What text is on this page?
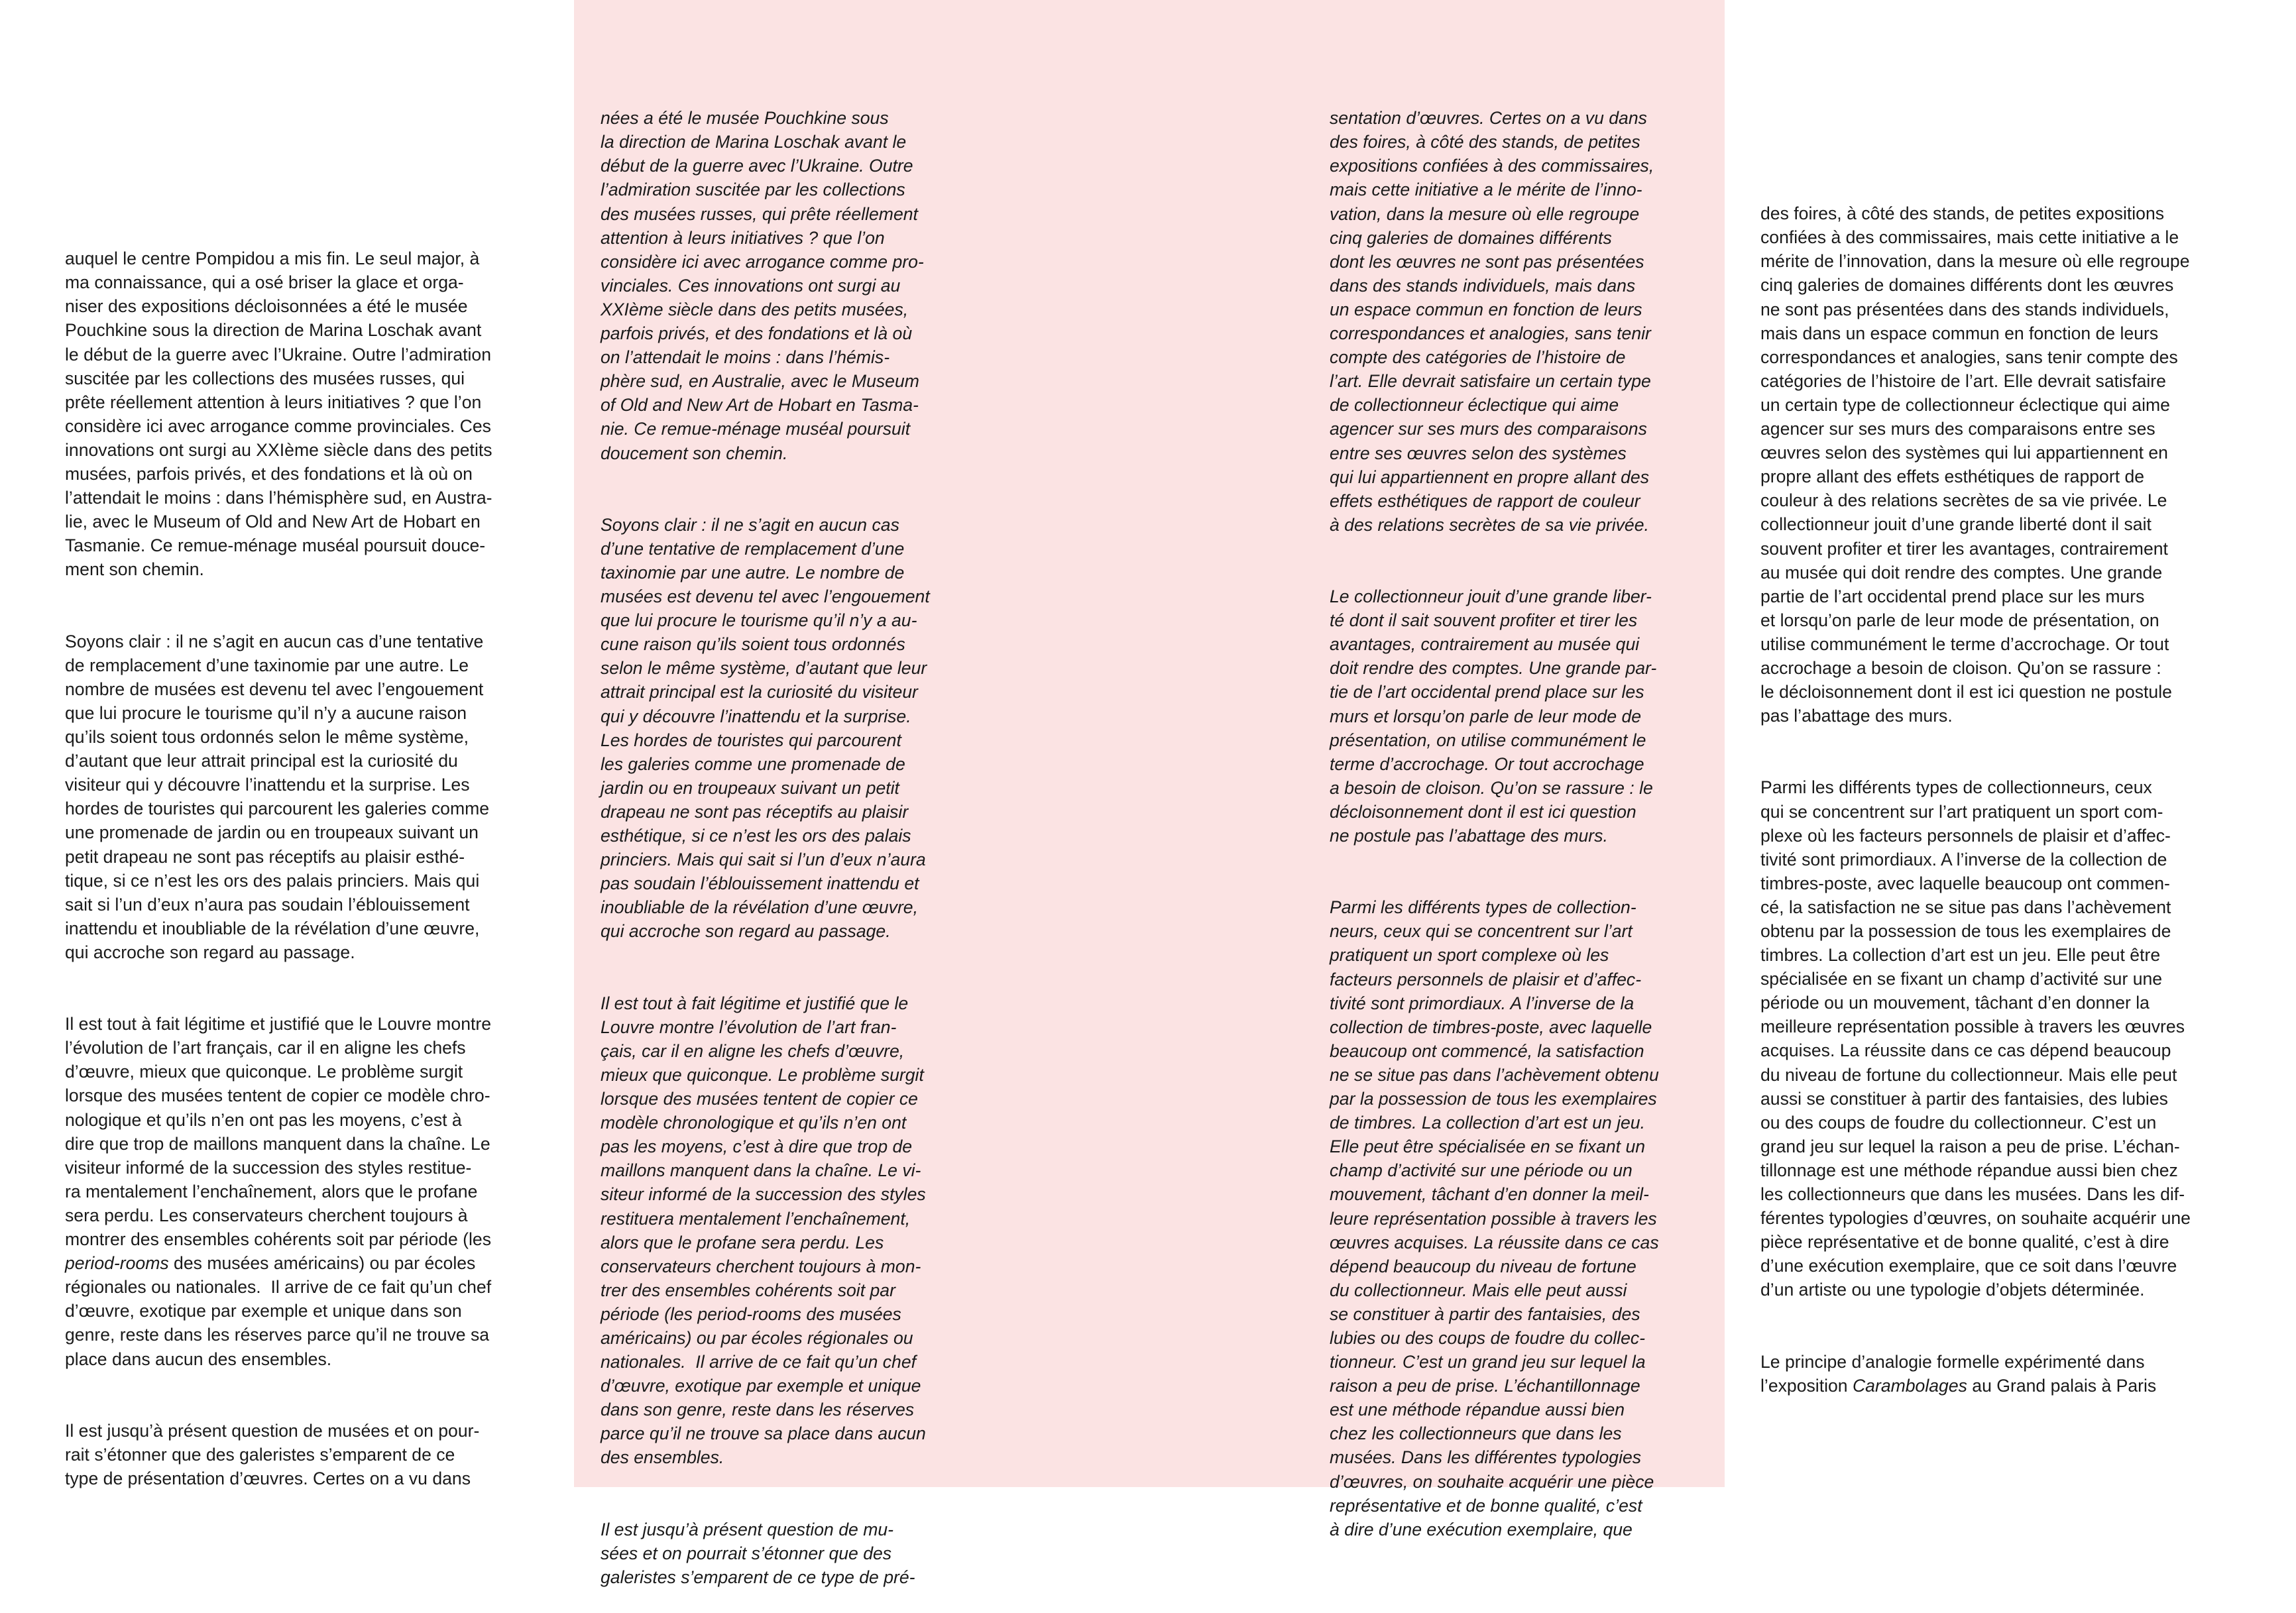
auquel le centre Pompidou a mis fin. Le seul major, à
ma connaissance, qui a osé briser la glace et orga-
niser des expositions décloisonnées a été le musée
Pouchkine sous la direction de Marina Loschak avant
le début de la guerre avec l’Ukraine. Outre l’admiration
suscitée par les collections des musées russes, qui
prête réellement attention à leurs initiatives ? que l’on
considère ici avec arrogance comme provinciales. Ces
innovations ont surgi au XXIème siècle dans des petits
musées, parfois privés, et des fondations et là où on
l’attendait le moins : dans l’hémisphère sud, en Austra-
lie, avec le Museum of Old and New Art de Hobart en
Tasmanie. Ce remue-ménage muséal poursuit douce-
ment son chemin.

Soyons clair : il ne s’agit en aucun cas d’une tentative
de remplacement d’une taxinomie par une autre. Le
nombre de musées est devenu tel avec l’engouement
que lui procure le tourisme qu’il n’y a aucune raison
qu’ils soient tous ordonnés selon le même système,
d’autant que leur attrait principal est la curiosité du
visiteur qui y découvre l’inattendu et la surprise. Les
hordes de touristes qui parcourent les galeries comme
une promenade de jardin ou en troupeaux suivant un
petit drapeau ne sont pas réceptifs au plaisir esthé-
tique, si ce n’est les ors des palais princiers. Mais qui
sait si l’un d’eux n’aura pas soudain l’éblouissement
inattendu et inoubliable de la révélation d’une œuvre,
qui accroche son regard au passage.

Il est tout à fait légitime et justifié que le Louvre montre
l’évolution de l’art français, car il en aligne les chefs
d’œuvre, mieux que quiconque. Le problème surgit
lorsque des musées tentent de copier ce modèle chro-
nologique et qu’ils n’en ont pas les moyens, c’est à
dire que trop de maillons manquent dans la chaîne. Le
visiteur informé de la succession des styles restitue-
ra mentalement l’enchaînement, alors que le profane
sera perdu. Les conservateurs cherchent toujours à
montrer des ensembles cohérents soit par période (les
period-rooms des musées américains) ou par écoles
régionales ou nationales.  Il arrive de ce fait qu’un chef
d’œuvre, exotique par exemple et unique dans son
genre, reste dans les réserves parce qu’il ne trouve sa
place dans aucun des ensembles.

Il est jusqu’à présent question de musées et on pour-
rait s’étonner que des galeristes s’emparent de ce
type de présentation d’œuvres. Certes on a vu dans

nées a été le musée Pouchkine sous
la direction de Marina Loschak avant le
début de la guerre avec l’Ukraine. Outre
l’admiration suscitée par les collections
des musées russes, qui prête réellement
attention à leurs initiatives ? que l’on
considère ici avec arrogance comme pro-
vinciales. Ces innovations ont surgi au
XXIème siècle dans des petits musées,
parfois privés, et des fondations et là où
on l’attendait le moins : dans l’hémis-
phère sud, en Australie, avec le Museum
of Old and New Art de Hobart en Tasma-
nie. Ce remue-ménage muséal poursuit
doucement son chemin.

Soyons clair : il ne s’agit en aucun cas
d’une tentative de remplacement d’une
taxinomie par une autre. Le nombre de
musées est devenu tel avec l’engouement
que lui procure le tourisme qu’il n’y a au-
cune raison qu’ils soient tous ordonnés
selon le même système, d’autant que leur
attrait principal est la curiosité du visiteur
qui y découvre l’inattendu et la surprise.
Les hordes de touristes qui parcourent
les galeries comme une promenade de
jardin ou en troupeaux suivant un petit
drapeau ne sont pas réceptifs au plaisir
esthétique, si ce n’est les ors des palais
princiers. Mais qui sait si l’un d’eux n’aura
pas soudain l’éblouissement inattendu et
inoubliable de la révélation d’une œuvre,
qui accroche son regard au passage.

Il est tout à fait légitime et justifié que le
Louvre montre l’évolution de l’art fran-
çais, car il en aligne les chefs d’œuvre,
mieux que quiconque. Le problème surgit
lorsque des musées tentent de copier ce
modèle chronologique et qu’ils n’en ont
pas les moyens, c’est à dire que trop de
maillons manquent dans la chaîne. Le vi-
siteur informé de la succession des styles
restituera mentalement l’enchaînement,
alors que le profane sera perdu. Les
conservateurs cherchent toujours à mon-
trer des ensembles cohérents soit par
période (les period-rooms des musées
américains) ou par écoles régionales ou
nationales.  Il arrive de ce fait qu’un chef
d’œuvre, exotique par exemple et unique
dans son genre, reste dans les réserves
parce qu’il ne trouve sa place dans aucun
des ensembles.

Il est jusqu’à présent question de mu-
sées et on pourrait s’étonner que des
galeristes s’emparent de ce type de pré-

sentation d’œuvres. Certes on a vu dans
des foires, à côté des stands, de petites
expositions confiées à des commissaires,
mais cette initiative a le mérite de l’inno-
vation, dans la mesure où elle regroupe
cinq galeries de domaines différents
dont les œuvres ne sont pas présentées
dans des stands individuels, mais dans
un espace commun en fonction de leurs
correspondances et analogies, sans tenir
compte des catégories de l’histoire de
l’art. Elle devrait satisfaire un certain type
de collectionneur éclectique qui aime
agencer sur ses murs des comparaisons
entre ses œuvres selon des systèmes
qui lui appartiennent en propre allant des
effets esthétiques de rapport de couleur
à des relations secrètes de sa vie privée.

Le collectionneur jouit d’une grande liber-
té dont il sait souvent profiter et tirer les
avantages, contrairement au musée qui
doit rendre des comptes. Une grande par-
tie de l’art occidental prend place sur les
murs et lorsqu’on parle de leur mode de
présentation, on utilise communément le
terme d’accrochage. Or tout accrochage
a besoin de cloison. Qu’on se rassure : le
décloisonnement dont il est ici question
ne postule pas l’abattage des murs.

Parmi les différents types de collection-
neurs, ceux qui se concentrent sur l’art
pratiquent un sport complexe où les
facteurs personnels de plaisir et d’affec-
tivité sont primordiaux. A l’inverse de la
collection de timbres-poste, avec laquelle
beaucoup ont commencé, la satisfaction
ne se situe pas dans l’achèvement obtenu
par la possession de tous les exemplaires
de timbres. La collection d’art est un jeu.
Elle peut être spécialisée en se fixant un
champ d’activité sur une période ou un
mouvement, tâchant d’en donner la meil-
leure représentation possible à travers les
œuvres acquises. La réussite dans ce cas
dépend beaucoup du niveau de fortune
du collectionneur. Mais elle peut aussi
se constituer à partir des fantaisies, des
lubies ou des coups de foudre du collec-
tionneur. C’est un grand jeu sur lequel la
raison a peu de prise. L’échantillonnage
est une méthode répandue aussi bien
chez les collectionneurs que dans les
musées. Dans les différentes typologies
d’œuvres, on souhaite acquérir une pièce
représentative et de bonne qualité, c’est
à dire d’une exécution exemplaire, que

des foires, à côté des stands, de petites expositions
confiées à des commissaires, mais cette initiative a le
mérite de l’innovation, dans la mesure où elle regroupe
cinq galeries de domaines différents dont les œuvres
ne sont pas présentées dans des stands individuels,
mais dans un espace commun en fonction de leurs
correspondances et analogies, sans tenir compte des
catégories de l’histoire de l’art. Elle devrait satisfaire
un certain type de collectionneur éclectique qui aime
agencer sur ses murs des comparaisons entre ses
œuvres selon des systèmes qui lui appartiennent en
propre allant des effets esthétiques de rapport de
couleur à des relations secrètes de sa vie privée. Le
collectionneur jouit d’une grande liberté dont il sait
souvent profiter et tirer les avantages, contrairement
au musée qui doit rendre des comptes. Une grande
partie de l’art occidental prend place sur les murs
et lorsqu’on parle de leur mode de présentation, on
utilise communément le terme d’accrochage. Or tout
accrochage a besoin de cloison. Qu’on se rassure :
le décloisonnement dont il est ici question ne postule
pas l’abattage des murs.

Parmi les différents types de collectionneurs, ceux
qui se concentrent sur l’art pratiquent un sport com-
plexe où les facteurs personnels de plaisir et d’affec-
tivité sont primordiaux. A l’inverse de la collection de
timbres-poste, avec laquelle beaucoup ont commen-
cé, la satisfaction ne se situe pas dans l’achèvement
obtenu par la possession de tous les exemplaires de
timbres. La collection d’art est un jeu. Elle peut être
spécialisée en se fixant un champ d’activité sur une
période ou un mouvement, tâchant d’en donner la
meilleure représentation possible à travers les œuvres
acquises. La réussite dans ce cas dépend beaucoup
du niveau de fortune du collectionneur. Mais elle peut
aussi se constituer à partir des fantaisies, des lubies
ou des coups de foudre du collectionneur. C’est un
grand jeu sur lequel la raison a peu de prise. L’échan-
tillonnage est une méthode répandue aussi bien chez
les collectionneurs que dans les musées. Dans les dif-
férentes typologies d’œuvres, on souhaite acquérir une
pièce représentative et de bonne qualité, c’est à dire
d’une exécution exemplaire, que ce soit dans l’œuvre
d’un artiste ou une typologie d’objets déterminée.

Le principe d’analogie formelle expérimenté dans
l’exposition Carambolages au Grand palais à Paris
